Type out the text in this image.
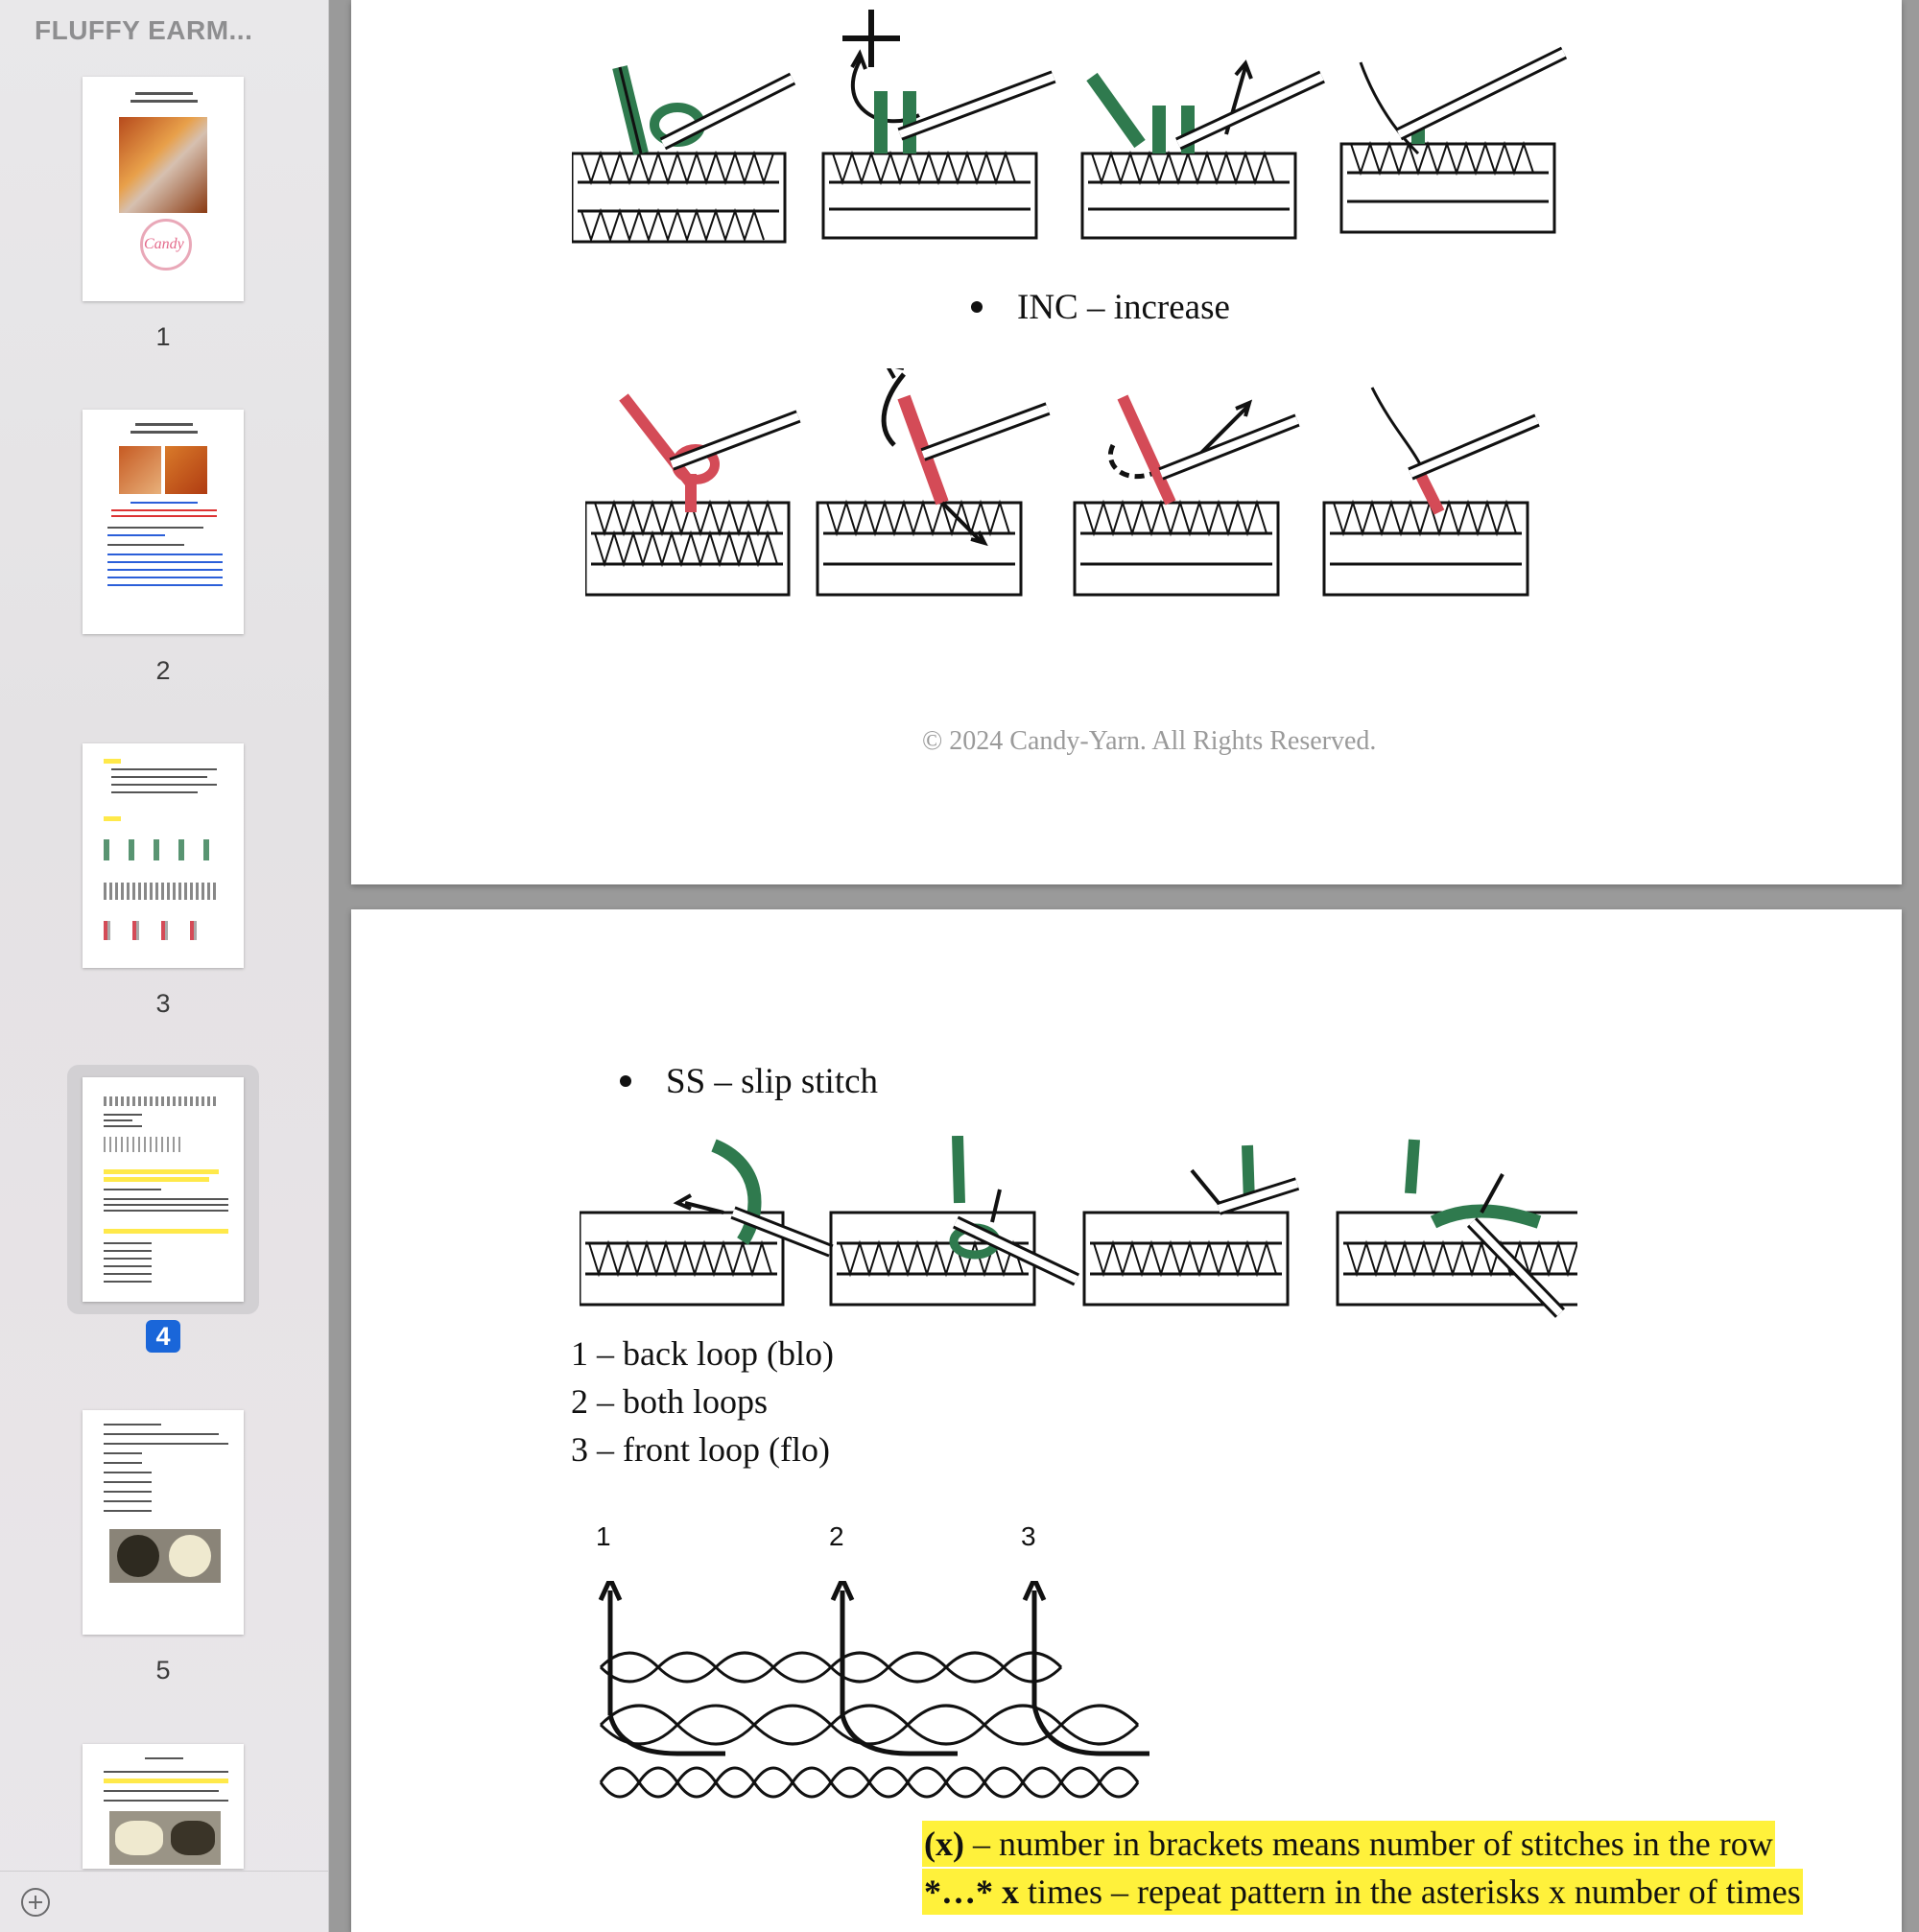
FLUFFY EARM...
Candy
1
2
3
4
5
INC – increase
© 2024 Candy-Yarn. All Rights Reserved.
SS – slip stitch
1 – back loop (blo)
2 – both loops
3 – front loop (flo)
1	2	3
(x) – number in brackets means number of stitches in the row
*…* x times – repeat pattern in the asterisks x number of times
